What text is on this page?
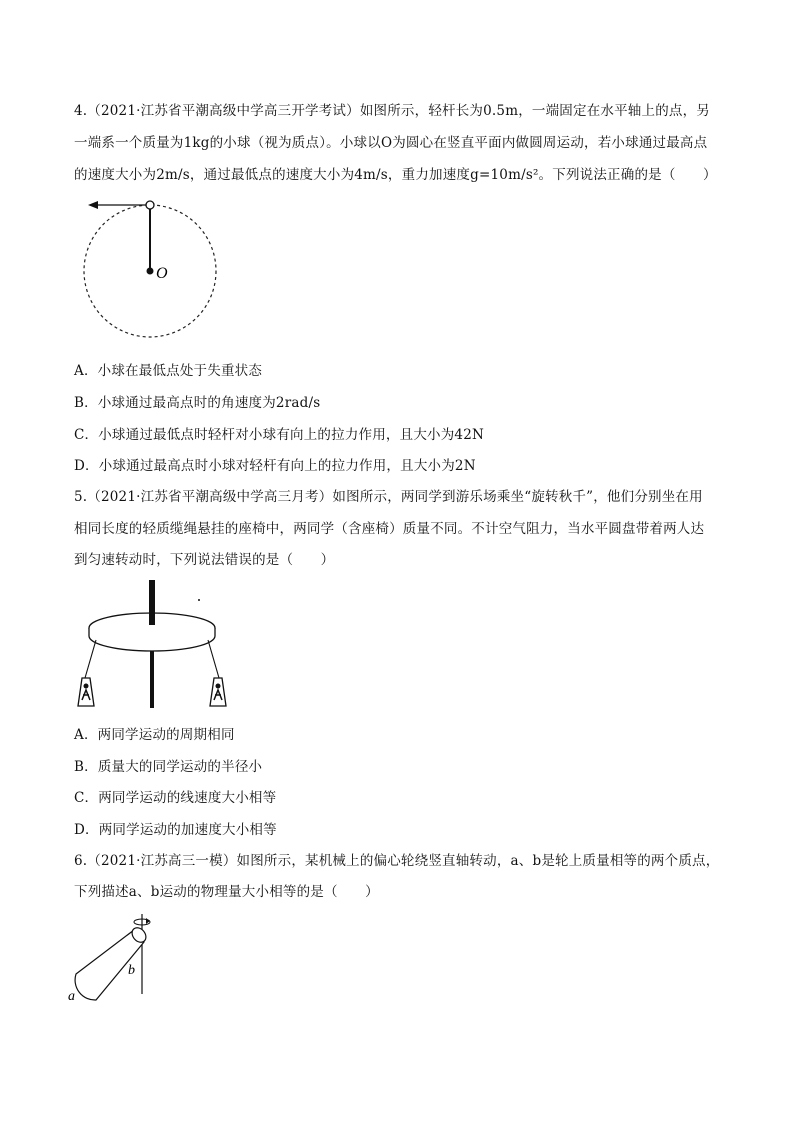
4.（2021·江苏省平潮高级中学高三开学考试）如图所示，轻杆长为0.5m，一端固定在水平轴上的点，另
一端系一个质量为1kg的小球（视为质点）。小球以O为圆心在竖直平面内做圆周运动，若小球通过最高点
的速度大小为2m/s，通过最低点的速度大小为4m/s，重力加速度g=10m/s²。下列说法正确的是（　　）
O
A．小球在最低点处于失重状态
B．小球通过最高点时的角速度为2rad/s
C．小球通过最低点时轻杆对小球有向上的拉力作用，且大小为42N
D．小球通过最高点时小球对轻杆有向上的拉力作用，且大小为2N
5.（2021·江苏省平潮高级中学高三月考）如图所示，两同学到游乐场乘坐“旋转秋千”，他们分别坐在用
相同长度的轻质缆绳悬挂的座椅中，两同学（含座椅）质量不同。不计空气阻力，当水平圆盘带着两人达
到匀速转动时，下列说法错误的是（　　）
A．两同学运动的周期相同
B．质量大的同学运动的半径小
C．两同学运动的线速度大小相等
D．两同学运动的加速度大小相等
6.（2021·江苏高三一模）如图所示，某机械上的偏心轮绕竖直轴转动，a、b是轮上质量相等的两个质点，
下列描述a、b运动的物理量大小相等的是（　　）
b
a
